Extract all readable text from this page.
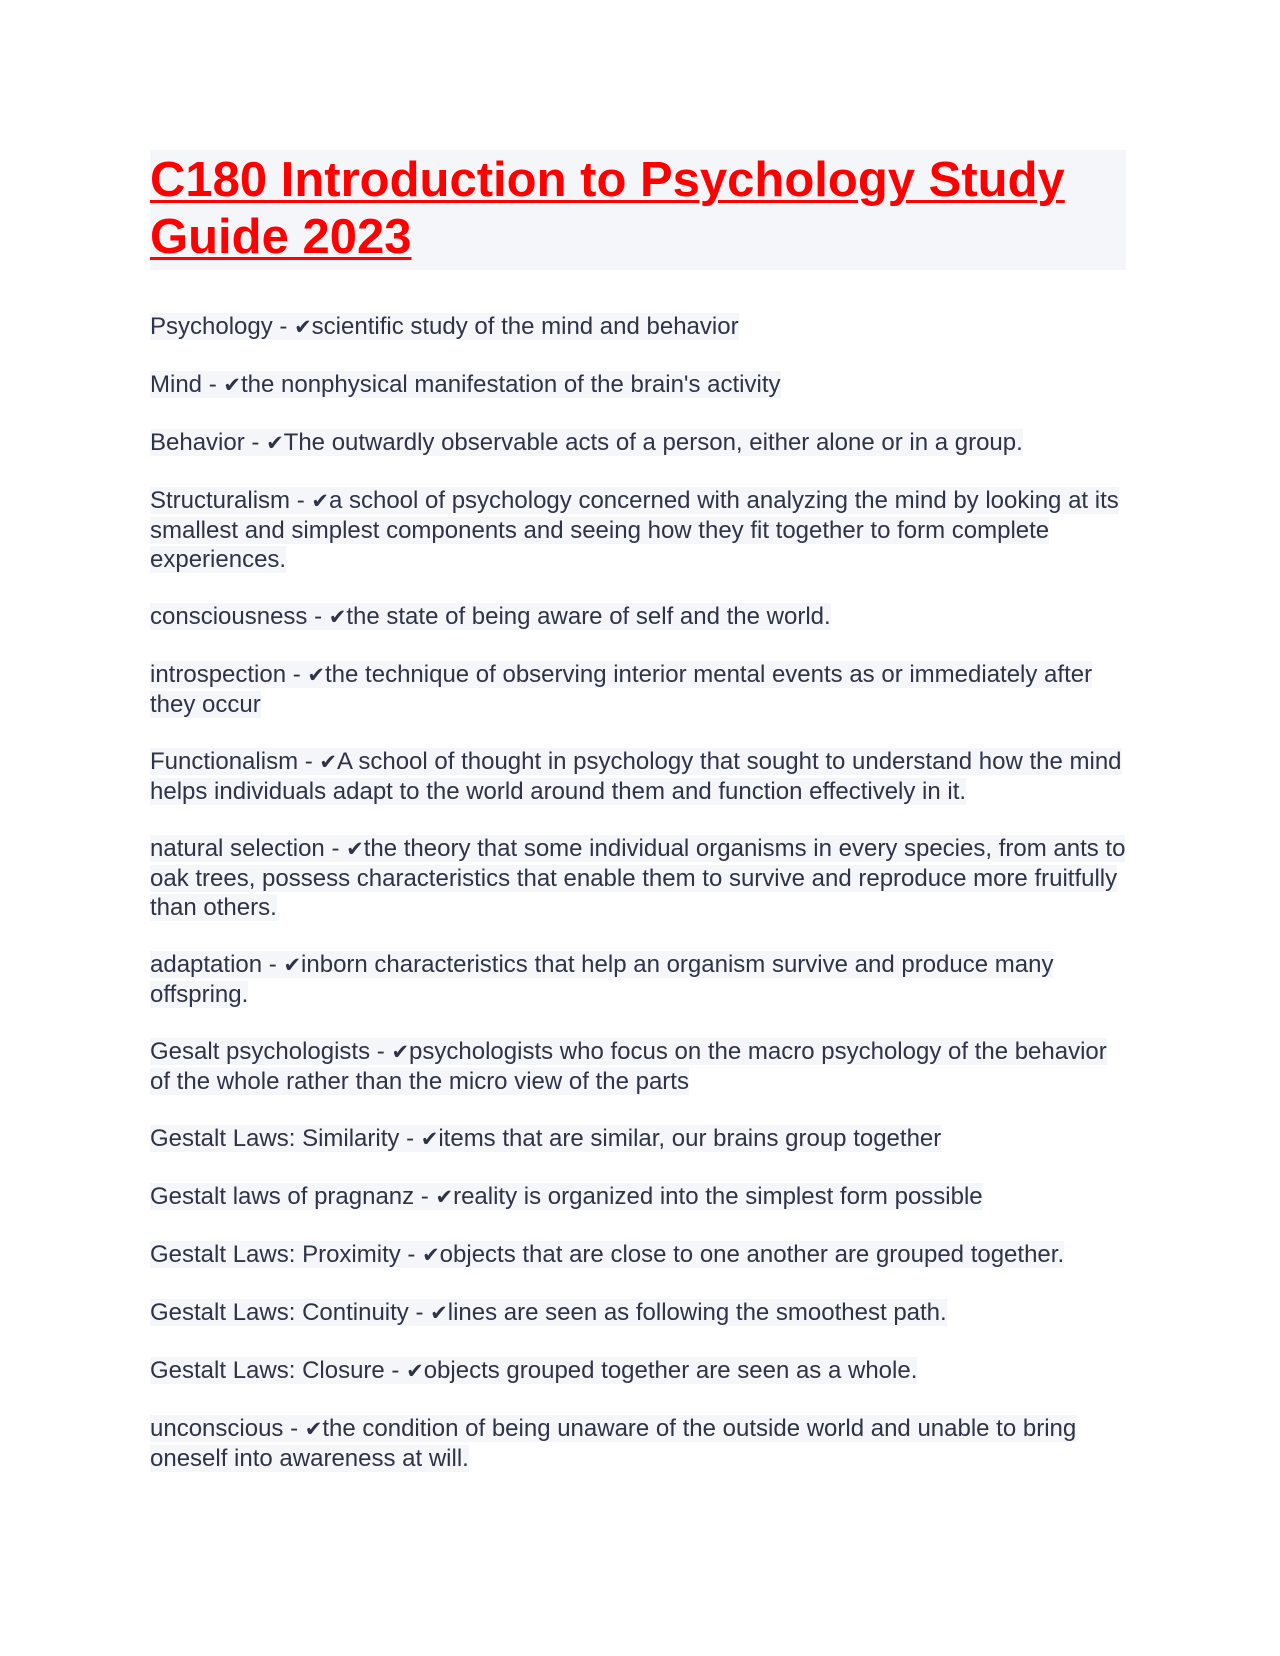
C180 Introduction to Psychology Study Guide 2023

Psychology - ✔scientific study of the mind and behavior

Mind - ✔the nonphysical manifestation of the brain's activity

Behavior - ✔The outwardly observable acts of a person, either alone or in a group.

Structuralism - ✔a school of psychology concerned with analyzing the mind by looking at its smallest and simplest components and seeing how they fit together to form complete experiences.

consciousness - ✔the state of being aware of self and the world.

introspection - ✔the technique of observing interior mental events as or immediately after they occur

Functionalism - ✔A school of thought in psychology that sought to understand how the mind helps individuals adapt to the world around them and function effectively in it.

natural selection - ✔the theory that some individual organisms in every species, from ants to oak trees, possess characteristics that enable them to survive and reproduce more fruitfully than others.

adaptation - ✔inborn characteristics that help an organism survive and produce many offspring.

Gesalt psychologists - ✔psychologists who focus on the macro psychology of the behavior of the whole rather than the micro view of the parts

Gestalt Laws: Similarity - ✔items that are similar, our brains group together

Gestalt laws of pragnanz - ✔reality is organized into the simplest form possible

Gestalt Laws: Proximity - ✔objects that are close to one another are grouped together.

Gestalt Laws: Continuity - ✔lines are seen as following the smoothest path.

Gestalt Laws: Closure - ✔objects grouped together are seen as a whole.

unconscious - ✔the condition of being unaware of the outside world and unable to bring oneself into awareness at will.
